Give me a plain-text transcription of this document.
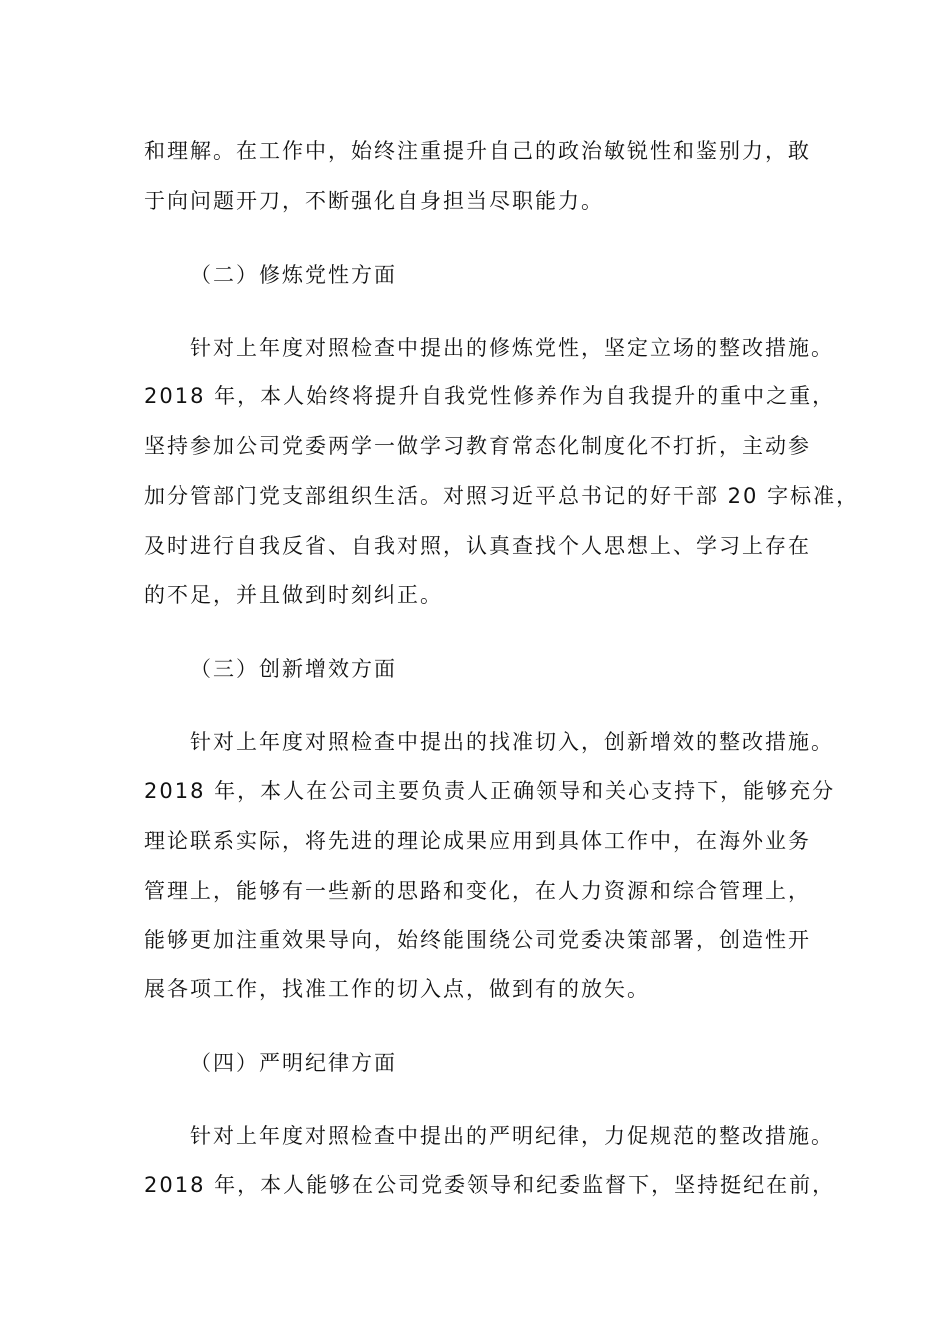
和理解。在工作中，始终注重提升自己的政治敏锐性和鉴别力，敢
于向问题开刀，不断强化自身担当尽职能力。
（二）修炼党性方面
针对上年度对照检查中提出的修炼党性，坚定立场的整改措施。
2018 年，本人始终将提升自我党性修养作为自我提升的重中之重，
坚持参加公司党委两学一做学习教育常态化制度化不打折，主动参
加分管部门党支部组织生活。对照习近平总书记的好干部 20 字标准，
及时进行自我反省、自我对照，认真查找个人思想上、学习上存在
的不足，并且做到时刻纠正。
（三）创新增效方面
针对上年度对照检查中提出的找准切入，创新增效的整改措施。
2018 年，本人在公司主要负责人正确领导和关心支持下，能够充分
理论联系实际，将先进的理论成果应用到具体工作中，在海外业务
管理上，能够有一些新的思路和变化，在人力资源和综合管理上，
能够更加注重效果导向，始终能围绕公司党委决策部署，创造性开
展各项工作，找准工作的切入点，做到有的放矢。
（四）严明纪律方面
针对上年度对照检查中提出的严明纪律，力促规范的整改措施。
2018 年，本人能够在公司党委领导和纪委监督下，坚持挺纪在前，
